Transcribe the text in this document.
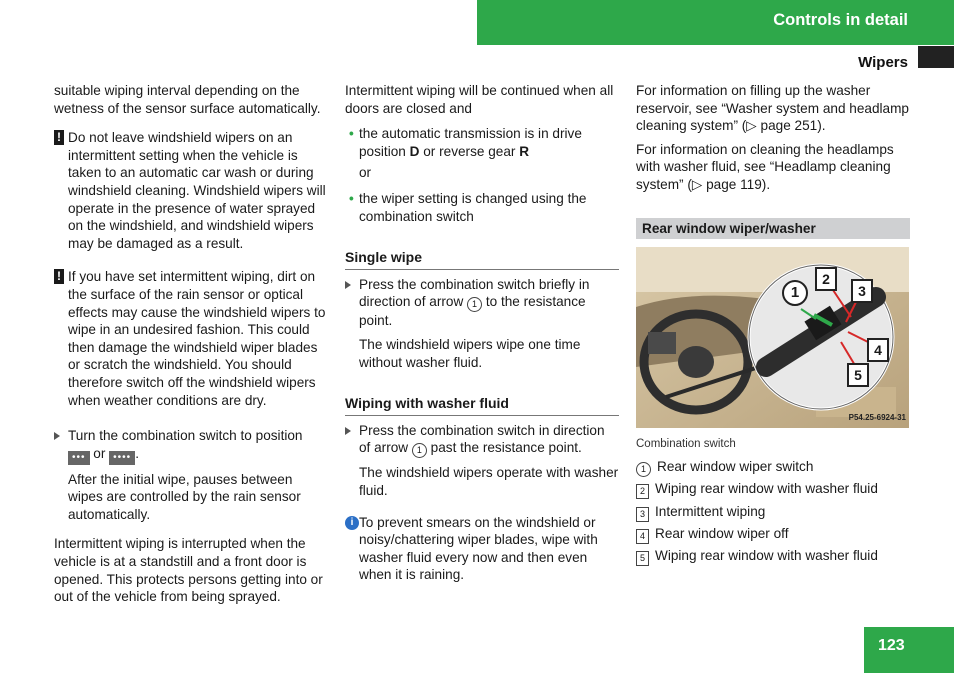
Controls in detail
Wipers

suitable wiping interval depending on the wetness of the sensor surface automatically.

! Do not leave windshield wipers on an intermittent setting when the vehicle is taken to an automatic car wash or during windshield cleaning. Windshield wipers will operate in the presence of water sprayed on the windshield, and windshield wipers may be damaged as a result.
! If you have set intermittent wiping, dirt on the surface of the rain sensor or optical effects may cause the windshield wipers to wipe in an undesired fashion. This could then damage the windshield wiper blades or scratch the windshield. You should therefore switch off the windshield wipers when weather conditions are dry.
Turn the combination switch to position
••• or •••• .

After the initial wipe, pauses between wipes are controlled by the rain sensor automatically.

Intermittent wiping is interrupted when the vehicle is at a standstill and a front door is opened. This protects persons getting into or out of the vehicle from being sprayed.

Intermittent wiping will be continued when all doors are closed and

• the automatic transmission is in drive position D or reverse gear R

or

• the wiper setting is changed using the combination switch
Single wipe
Press the combination switch briefly in direction of arrow 1 to the resistance point.

The windshield wipers wipe one time without washer fluid.

Wiping with washer fluid
Press the combination switch in direction of arrow 1 past the resistance point.

The windshield wipers operate with washer fluid.

i To prevent smears on the windshield or noisy/chattering wiper blades, wipe with washer fluid every now and then even when it is raining.

For information on filling up the washer reservoir, see “Washer system and headlamp cleaning system” (▷ page 251).

For information on cleaning the headlamps with washer fluid, see “Headlamp cleaning system” (▷ page 119).

Rear window wiper/washer
1
2
3
4
5
P54.25-6924-31
Combination switch
1 Rear window wiper switch
2 Wiping rear window with washer fluid
3 Intermittent wiping
4 Rear window wiper off
5 Wiping rear window with washer fluid
123
